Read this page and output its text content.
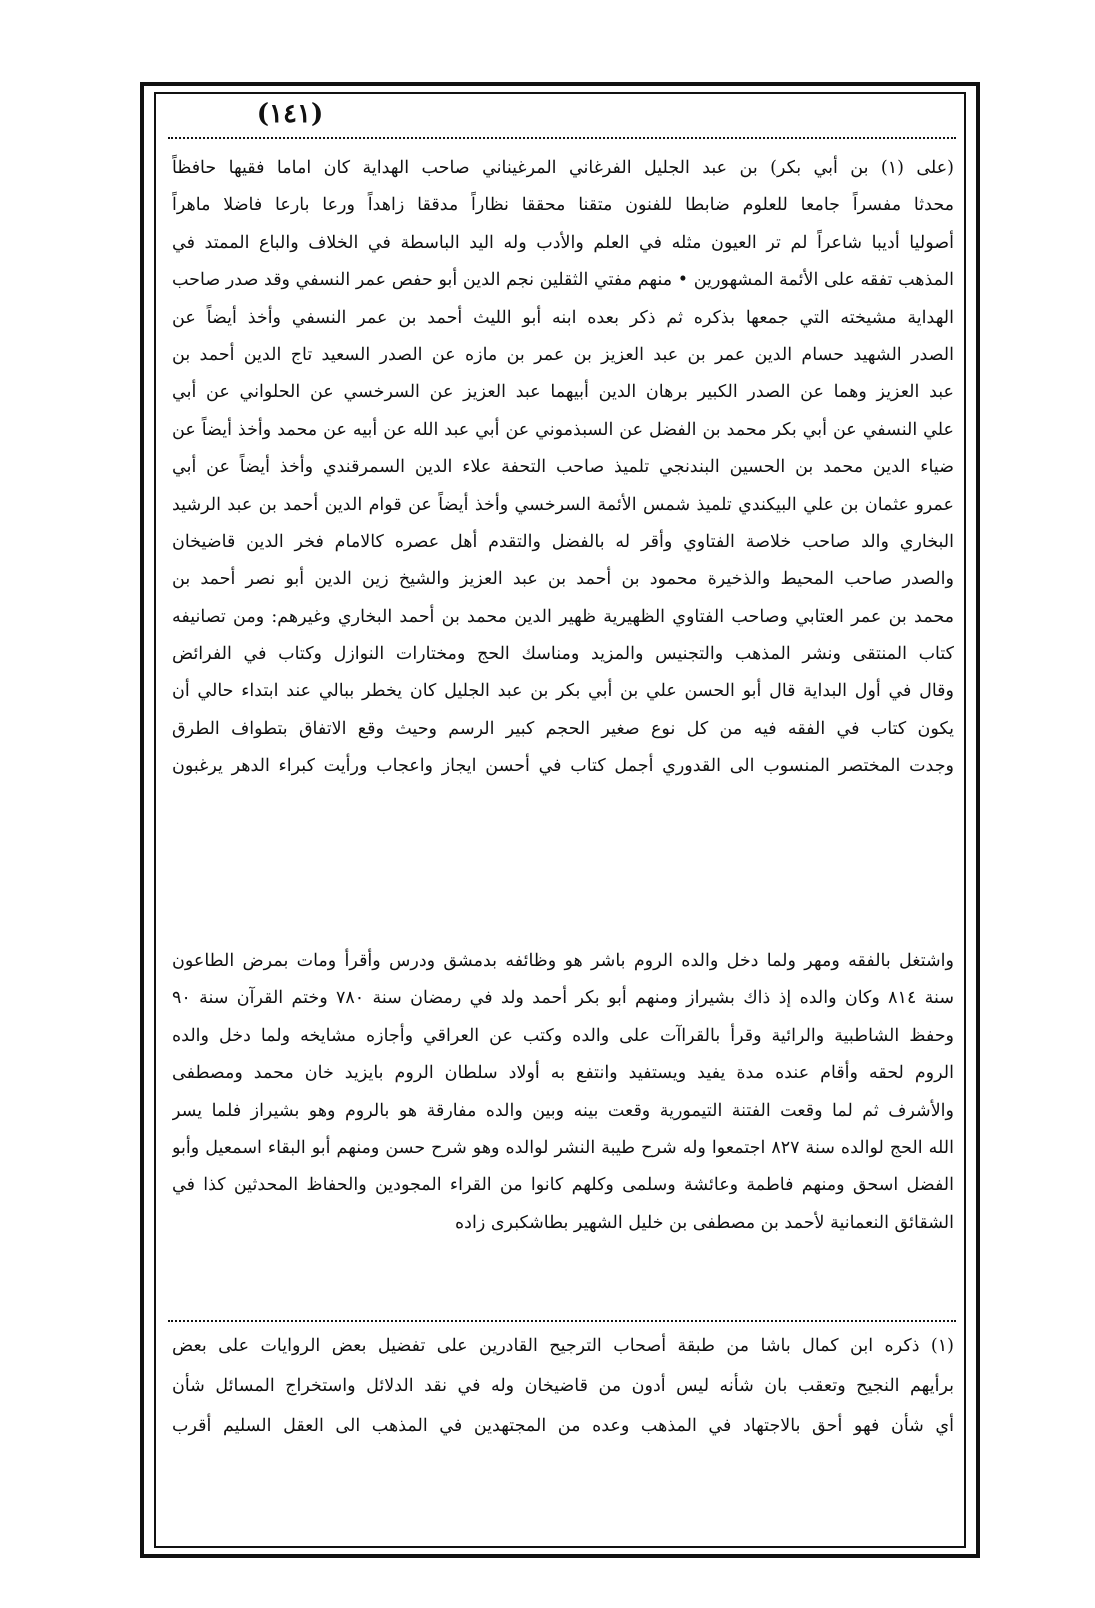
(١٤١)
(على (١) بن أبي بكر) بن عبد الجليل الفرغاني المرغيناني صاحب الهداية كان اماما فقيها حافظاً
محدثا مفسراً جامعا للعلوم ضابطا للفنون متقنا محققا نظاراً مدققا زاهداً ورعا بارعا فاضلا ماهراً
أصوليا أديبا شاعراً لم تر العيون مثله في العلم والأدب وله اليد الباسطة في الخلاف والباع الممتد في
المذهب تفقه على الأئمة المشهورين • منهم مفتي الثقلين نجم الدين أبو حفص عمر النسفي وقد صدر صاحب
الهداية مشيخته التي جمعها بذكره ثم ذكر بعده ابنه أبو الليث أحمد بن عمر النسفي وأخذ أيضاً عن
الصدر الشهيد حسام الدين عمر بن عبد العزيز بن عمر بن مازه عن الصدر السعيد تاج الدين أحمد بن
عبد العزيز وهما عن الصدر الكبير برهان الدين أبيهما عبد العزيز عن السرخسي عن الحلواني عن أبي
علي النسفي عن أبي بكر محمد بن الفضل عن السبذموني عن أبي عبد الله عن أبيه عن محمد وأخذ أيضاً عن
ضياء الدين محمد بن الحسين البندنجي تلميذ صاحب التحفة علاء الدين السمرقندي وأخذ أيضاً عن أبي
عمرو عثمان بن علي البيكندي تلميذ شمس الأئمة السرخسي وأخذ أيضاً عن قوام الدين أحمد بن عبد الرشيد
البخاري والد صاحب خلاصة الفتاوي وأقر له بالفضل والتقدم أهل عصره كالامام فخر الدين قاضيخان
والصدر صاحب المحيط والذخيرة محمود بن أحمد بن عبد العزيز والشيخ زين الدين أبو نصر أحمد بن
محمد بن عمر العتابي وصاحب الفتاوي الظهيرية ظهير الدين محمد بن أحمد البخاري وغيرهم: ومن تصانيفه
كتاب المنتقى ونشر المذهب والتجنيس والمزيد ومناسك الحج ومختارات النوازل وكتاب في الفرائض
وقال في أول البداية قال أبو الحسن علي بن أبي بكر بن عبد الجليل كان يخطر ببالي عند ابتداء حالي أن
يكون كتاب في الفقه فيه من كل نوع صغير الحجم كبير الرسم وحيث وقع الاتفاق بتطواف الطرق
وجدت المختصر المنسوب الى القدوري أجمل كتاب في أحسن ايجاز واعجاب ورأيت كبراء الدهر يرغبون
واشتغل بالفقه ومهر ولما دخل والده الروم باشر هو وظائفه بدمشق ودرس وأقرأ ومات بمرض الطاعون
سنة ٨١٤ وكان والده إذ ذاك بشيراز ومنهم أبو بكر أحمد ولد في رمضان سنة ٧٨٠ وختم القرآن سنة ٩٠
وحفظ الشاطبية والرائية وقرأ بالقراآت على والده وكتب عن العراقي وأجازه مشايخه ولما دخل والده
الروم لحقه وأقام عنده مدة يفيد ويستفيد وانتفع به أولاد سلطان الروم بايزيد خان محمد ومصطفى
والأشرف ثم لما وقعت الفتنة التيمورية وقعت بينه وبين والده مفارقة هو بالروم وهو بشيراز فلما يسر
الله الحج لوالده سنة ٨٢٧ اجتمعوا وله شرح طيبة النشر لوالده وهو شرح حسن ومنهم أبو البقاء اسمعيل وأبو
الفضل اسحق ومنهم فاطمة وعائشة وسلمى وكلهم كانوا من القراء المجودين والحفاظ المحدثين كذا في
الشقائق النعمانية لأحمد بن مصطفى بن خليل الشهير بطاشكبرى زاده
(١) ذكره ابن كمال باشا من طبقة أصحاب الترجيح القادرين على تفضيل بعض الروايات على بعض
برأيهم النجيح وتعقب بان شأنه ليس أدون من قاضيخان وله في نقد الدلائل واستخراج المسائل شأن
أي شأن فهو أحق بالاجتهاد في المذهب وعده من المجتهدين في المذهب الى العقل السليم أقرب
